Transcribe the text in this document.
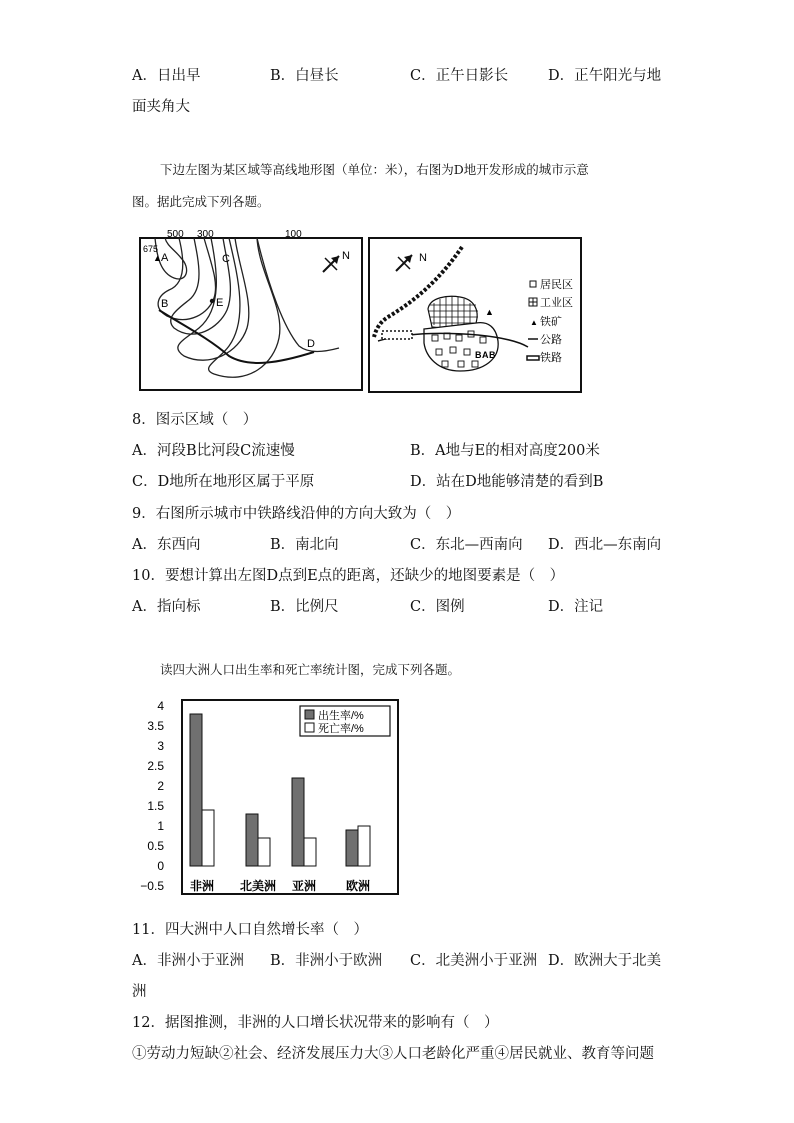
A．日出早	B．白昼长	C．正午日影长	D．正午阳光与地
面夹角大
下边左图为某区域等高线地形图（单位：米），右图为D地开发形成的城市示意
图。据此完成下列各题。
500 300	100
675
▲ A
B
C
D
E
N
B A B
▲
N
居民区
工业区
▲ 铁矿
公路
铁路
8．图示区域（　）
A．河段B比河段C流速慢	B．A地与E的相对高度200米
C．D地所在地形区属于平原	D．站在D地能够清楚的看到B
9．右图所示城市中铁路线沿伸的方向大致为（　）
A．东西向	B．南北向	C．东北—西南向 D．西北—东南向
10．要想计算出左图D点到E点的距离，还缺少的地图要素是（　）
A．指向标	B．比例尺	C．图例	D．注记
读四大洲人口出生率和死亡率统计图，完成下列各题。
4
3.5
3
2.5
2
1.5
1
0.5
0
−0.5 非洲 北美洲 亚洲 欧洲
出生率/%
死亡率/%
11．四大洲中人口自然增长率（　）
A．非洲小于亚洲 B．非洲小于欧洲 C．北美洲小于亚洲 D．欧洲大于北美
洲
12．据图推测，非洲的人口增长状况带来的影响有（　）
①劳动力短缺②社会、经济发展压力大③人口老龄化严重④居民就业、教育等问题
